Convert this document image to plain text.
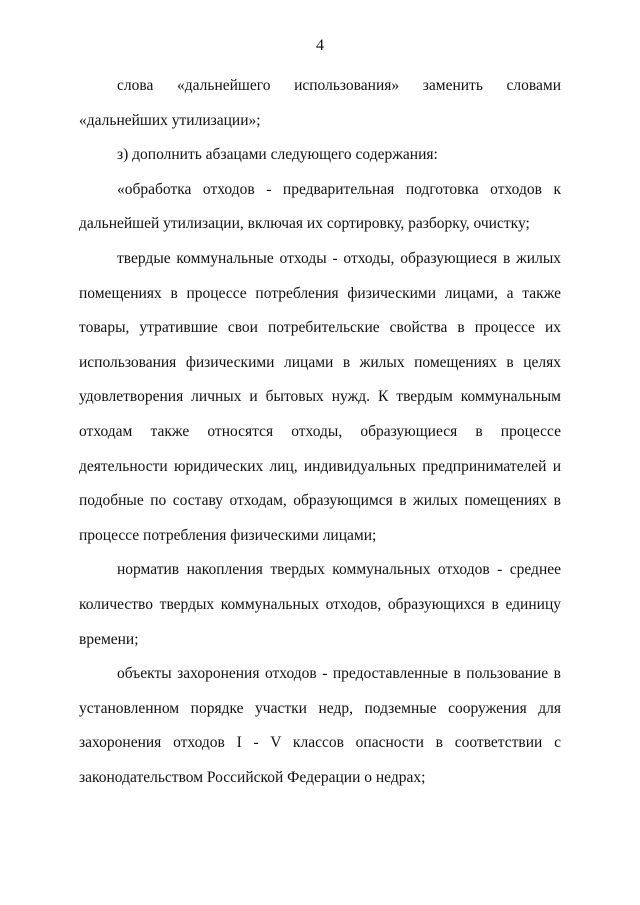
4

слова «дальнейшего использования» заменить словами «дальнейших утилизации»;

з) дополнить абзацами следующего содержания:

«обработка отходов - предварительная подготовка отходов к дальнейшей утилизации, включая их сортировку, разборку, очистку;

твердые коммунальные отходы - отходы, образующиеся в жилых помещениях в процессе потребления физическими лицами, а также товары, утратившие свои потребительские свойства в процессе их использования физическими лицами в жилых помещениях в целях удовлетворения личных и бытовых нужд. К твердым коммунальным отходам также относятся отходы, образующиеся в процессе деятельности юридических лиц, индивидуальных предпринимателей и подобные по составу отходам, образующимся в жилых помещениях в процессе потребления физическими лицами;

норматив накопления твердых коммунальных отходов - среднее количество твердых коммунальных отходов, образующихся в единицу времени;

объекты захоронения отходов - предоставленные в пользование в установленном порядке участки недр, подземные сооружения для захоронения отходов I - V классов опасности в соответствии с законодательством Российской Федерации о недрах;
